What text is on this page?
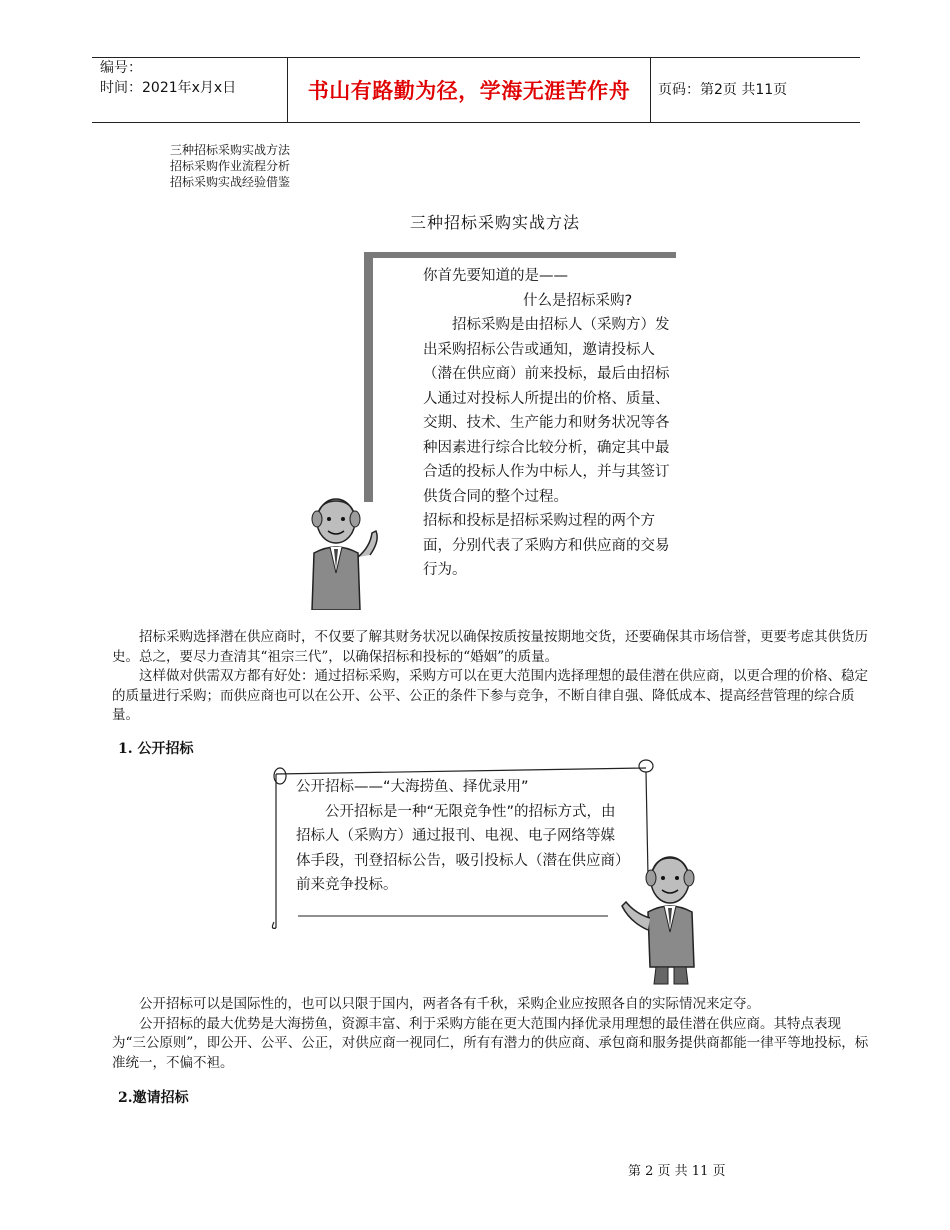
编号：
时间：2021年x月x日	书山有路勤为径，学海无涯苦作舟	页码：第2页 共11页
三种招标采购实战方法
招标采购作业流程分析
招标采购实战经验借鉴
三种招标采购实战方法

你首先要知道的是——

什么是招标采购?

招标采购是由招标人（采购方）发出采购招标公告或通知，邀请投标人（潜在供应商）前来投标，最后由招标人通过对投标人所提出的价格、质量、交期、技术、生产能力和财务状况等各种因素进行综合比较分析，确定其中最合适的投标人作为中标人，并与其签订供货合同的整个过程。

招标和投标是招标采购过程的两个方面，分别代表了采购方和供应商的交易行为。

招标采购选择潜在供应商时，不仅要了解其财务状况以确保按质按量按期地交货，还要确保其市场信誉，更要考虑其供货历史。总之，要尽力查清其“祖宗三代”，以确保招标和投标的“婚姻”的质量。

这样做对供需双方都有好处：通过招标采购，采购方可以在更大范围内选择理想的最佳潜在供应商，以更合理的价格、稳定的质量进行采购；而供应商也可以在公开、公平、公正的条件下参与竞争，不断自律自强、降低成本、提高经营管理的综合质量。

1. 公开招标

公开招标——“大海捞鱼、择优录用”

公开招标是一种“无限竞争性”的招标方式，由招标人（采购方）通过报刊、电视、电子网络等媒体手段，刊登招标公告，吸引投标人（潜在供应商）前来竞争投标。

公开招标可以是国际性的，也可以只限于国内，两者各有千秋，采购企业应按照各自的实际情况来定夺。

公开招标的最大优势是大海捞鱼，资源丰富、利于采购方能在更大范围内择优录用理想的最佳潜在供应商。其特点表现为“三公原则”，即公开、公平、公正，对供应商一视同仁，所有有潜力的供应商、承包商和服务提供商都能一律平等地投标，标准统一，不偏不袒。

2.邀请招标
第 2 页 共 11 页
